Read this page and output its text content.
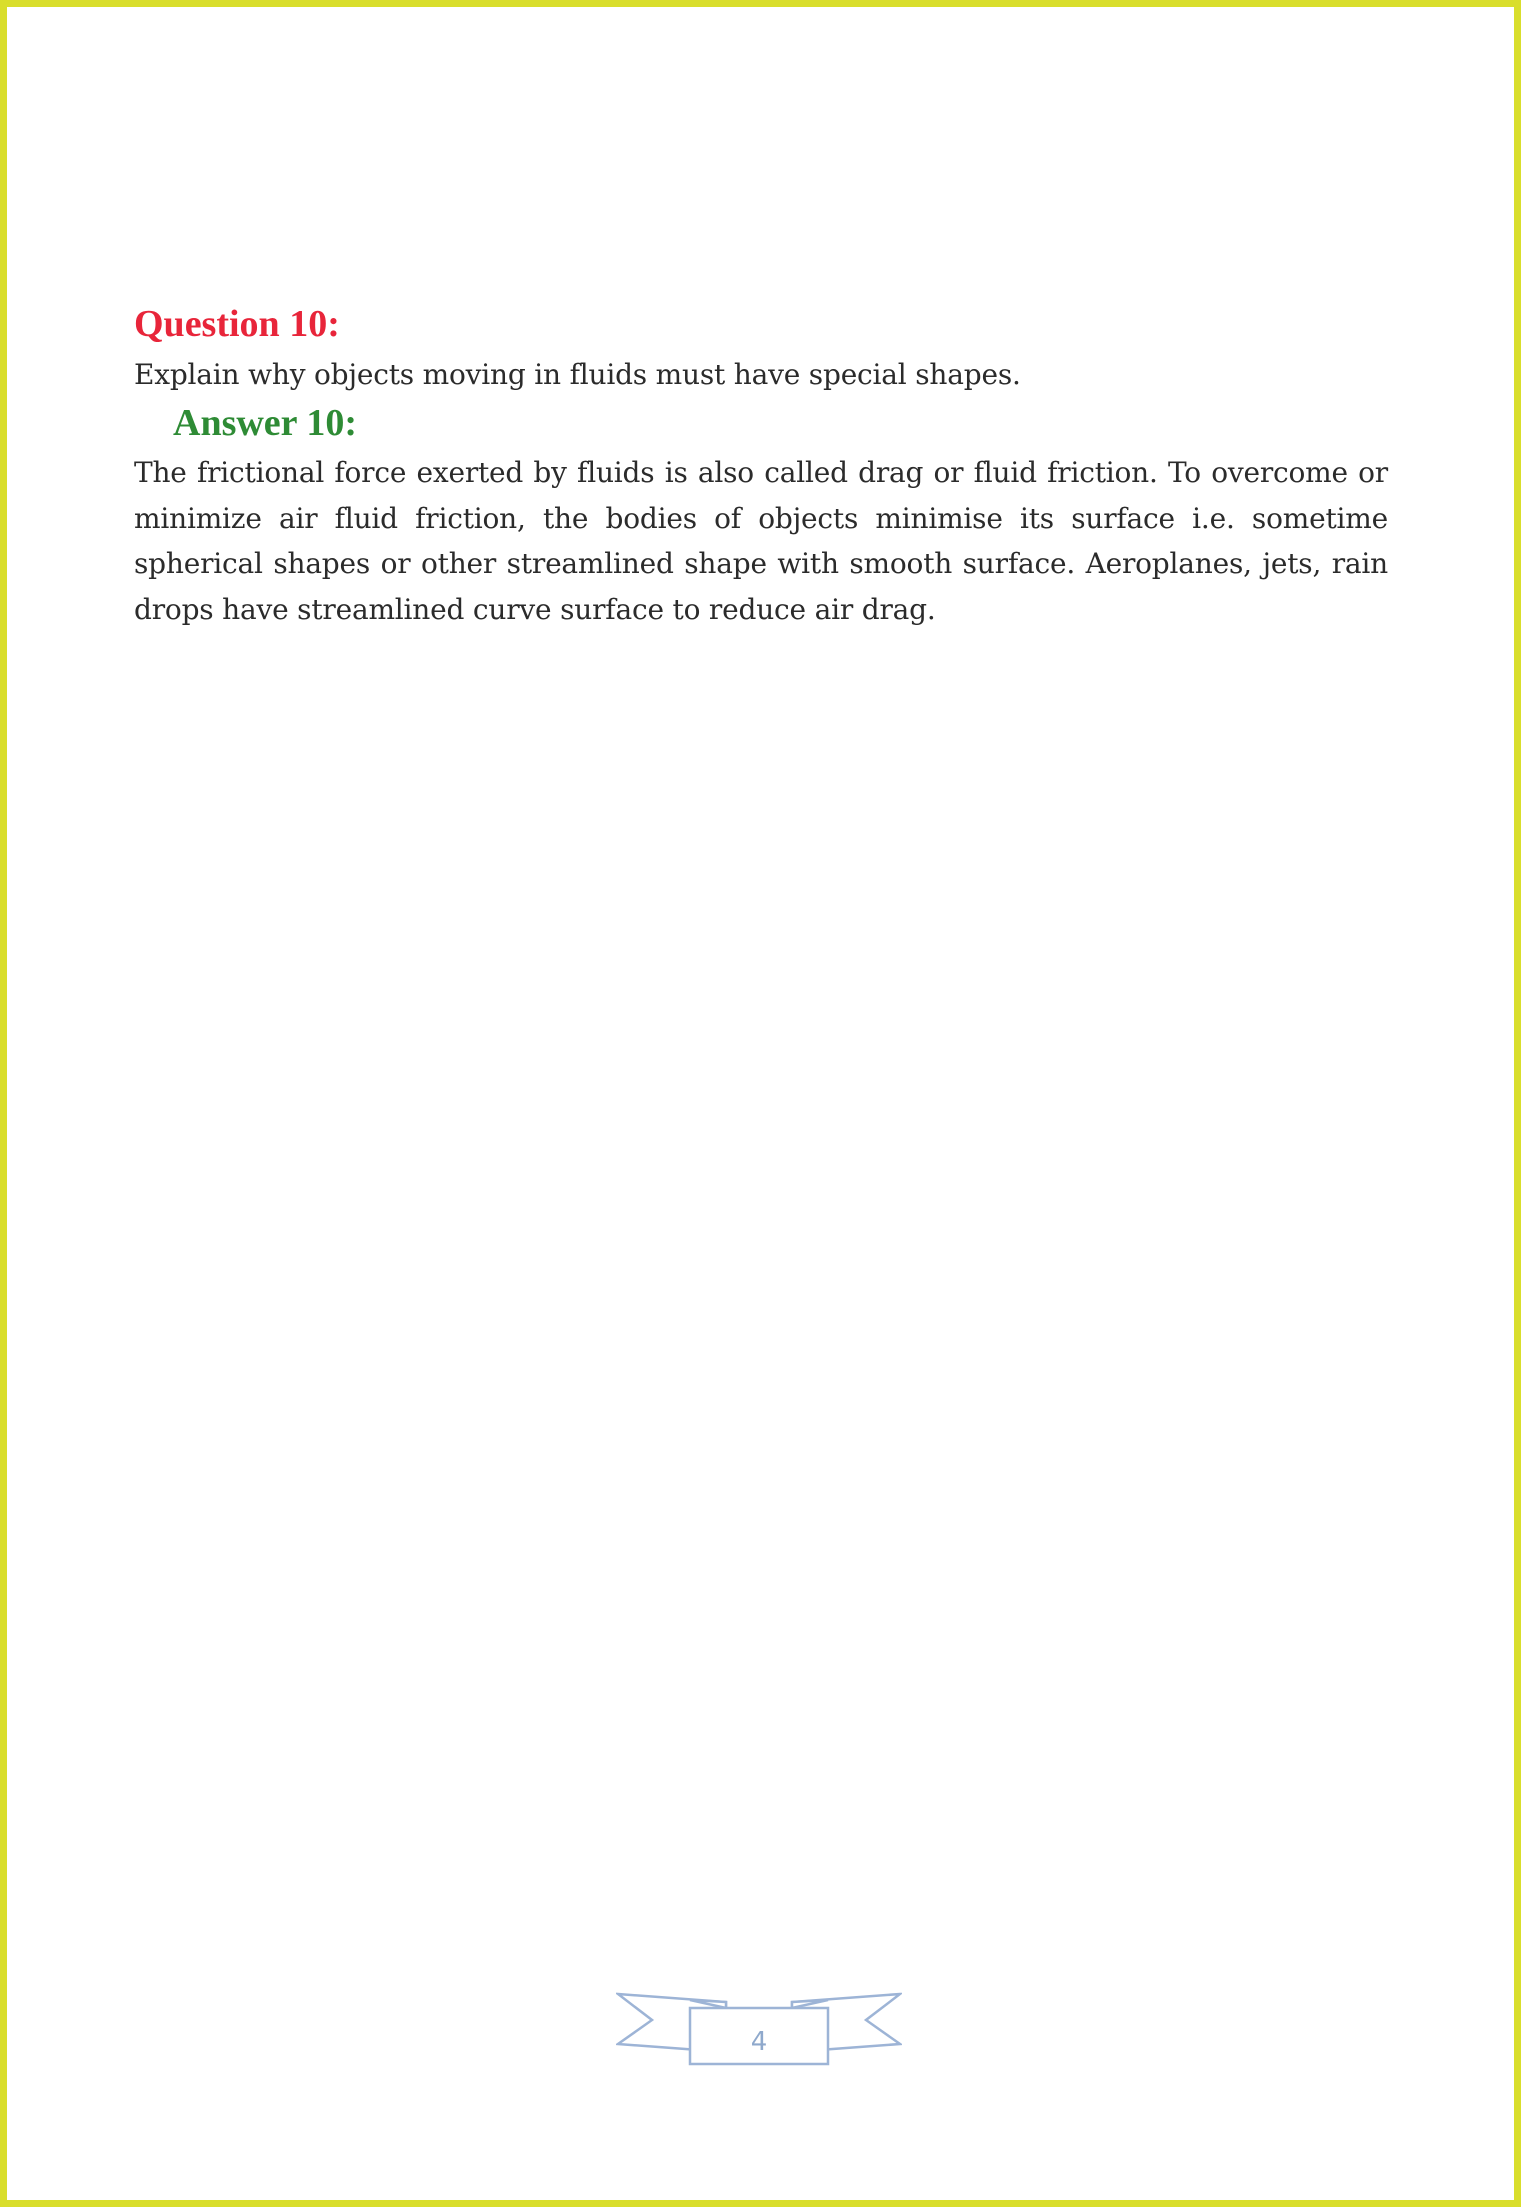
Question 10:

Explain why objects moving in fluids must have special shapes.

Answer 10:

The frictional force exerted by fluids is also called drag or fluid friction. To overcome or minimize air fluid friction, the bodies of objects minimise its surface i.e. sometime spherical shapes or other streamlined shape with smooth surface. Aeroplanes, jets, rain drops have streamlined curve surface to reduce air drag.

4
